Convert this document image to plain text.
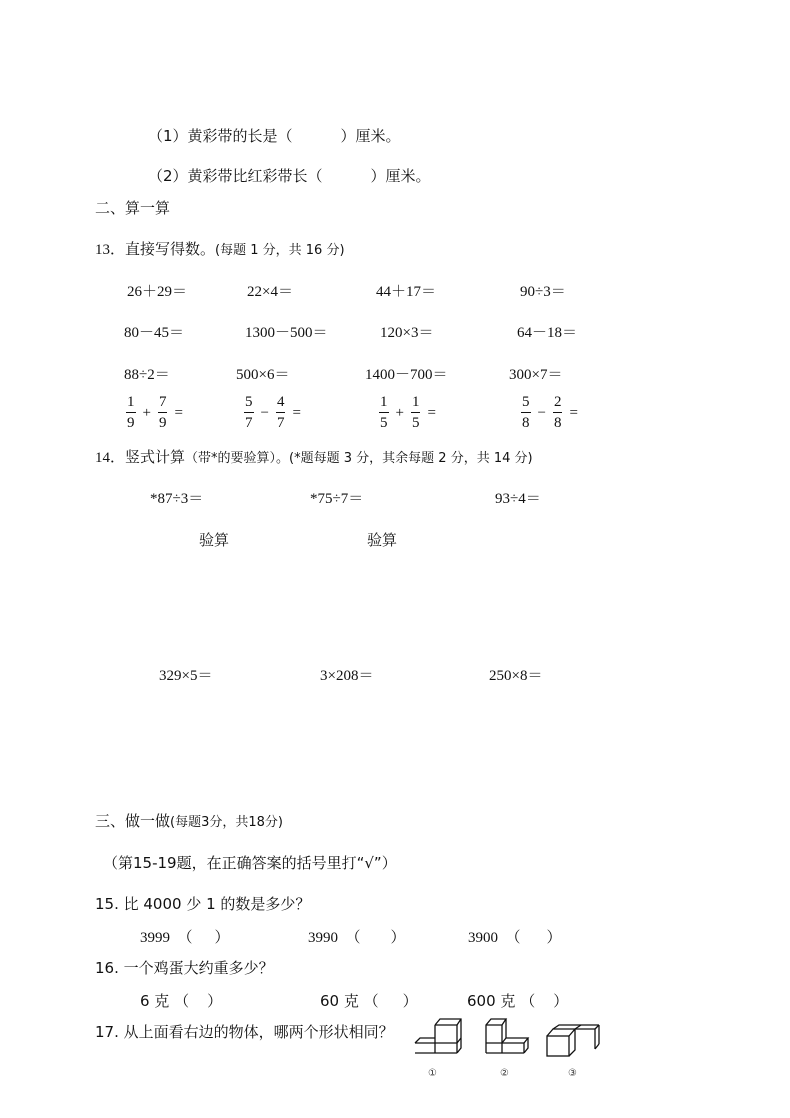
（1）黄彩带的长是（	）厘米。
（2）黄彩带比红彩带长（	）厘米。
二、算一算
13．直接写得数。(每题 1 分，共 16 分)
26＋29＝	22×4＝	44＋17＝	90÷3＝
80－45＝	1300－500＝	120×3＝	64－18＝
88÷2＝	500×6＝	1400－700＝	300×7＝
$\frac{1}{9} + \frac{7}{9}$ =	$\frac{5}{7} - \frac{4}{7}$ =	$\frac{1}{5} + \frac{1}{5}$ =	$\frac{5}{8} - \frac{2}{8}$ =
14．竖式计算（带*的要验算）。(*题每题 3 分，其余每题 2 分，共 14 分)
*87÷3＝	*75÷7＝	93÷4＝
验算	验算
329×5＝	3×208＝	250×8＝
三、做一做(每题3分，共18分)
（第15-19题，在正确答案的括号里打“√”）
15. 比 4000 少 1 的数是多少？
3999 （ ）	3990 （ ）	3900 （ ）
16. 一个鸡蛋大约重多少？
6 克 （ ）	60 克 （ ）	600 克 （ ）
17. 从上面看右边的物体，哪两个形状相同？
①	②	③
